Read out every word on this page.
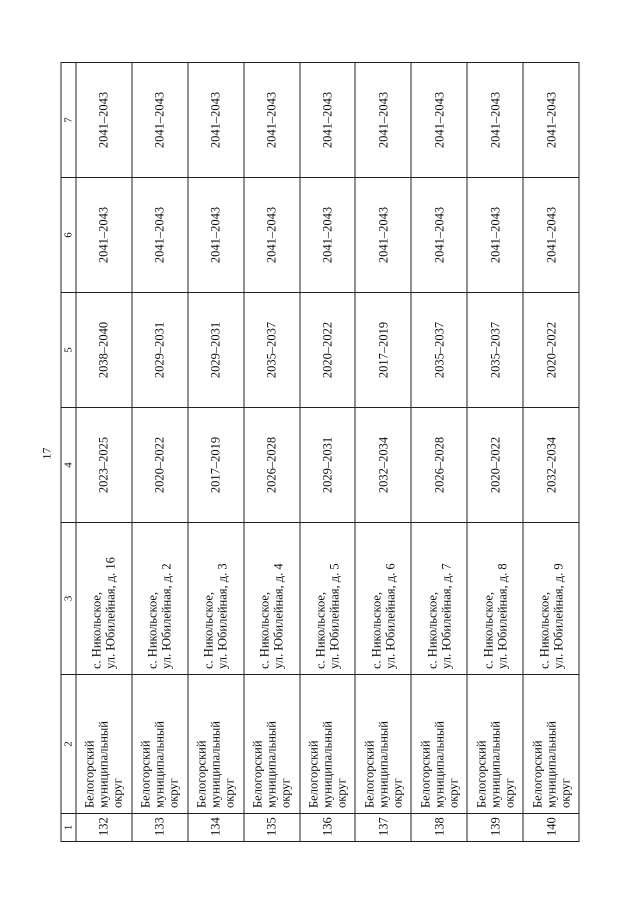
17
1	2	3	4	5	6	7
132	Белогорский муниципальный округ	с. Никольское, ул. Юбилейная, д. 16	2023–2025	2038–2040	2041–2043	2041–2043
133	Белогорский муниципальный округ	с. Никольское, ул. Юбилейная, д. 2	2020–2022	2029–2031	2041–2043	2041–2043
134	Белогорский муниципальный округ	с. Никольское, ул. Юбилейная, д. 3	2017–2019	2029–2031	2041–2043	2041–2043
135	Белогорский муниципальный округ	с. Никольское, ул. Юбилейная, д. 4	2026–2028	2035–2037	2041–2043	2041–2043
136	Белогорский муниципальный округ	с. Никольское, ул. Юбилейная, д. 5	2029–2031	2020–2022	2041–2043	2041–2043
137	Белогорский муниципальный округ	с. Никольское, ул. Юбилейная, д. 6	2032–2034	2017–2019	2041–2043	2041–2043
138	Белогорский муниципальный округ	с. Никольское, ул. Юбилейная, д. 7	2026–2028	2035–2037	2041–2043	2041–2043
139	Белогорский муниципальный округ	с. Никольское, ул. Юбилейная, д. 8	2020–2022	2035–2037	2041–2043	2041–2043
140	Белогорский муниципальный округ	с. Никольское, ул. Юбилейная, д. 9	2032–2034	2020–2022	2041–2043	2041–2043
